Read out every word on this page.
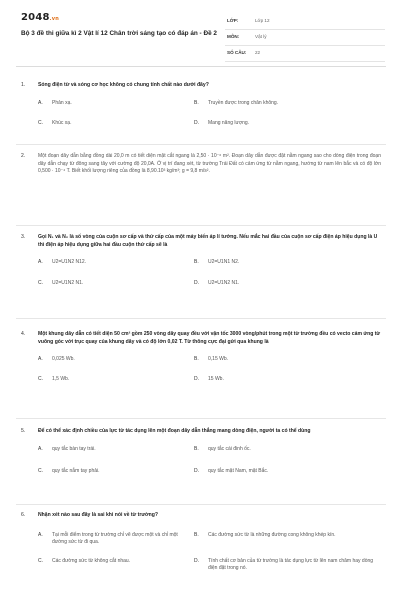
2048.vn
Bộ 3 đề thi giữa kì 2 Vật lí 12 Chân trời sáng tạo có đáp án - Đề 2
LỚP:	Lớp 12
MÔN:	Vật lý
SỐ CÂU: 22
1.	Sóng điện từ và sóng cơ học không có chung tính chất nào dưới đây?
A. Phản xạ.	B. Truyền được trong chân không.
C. Khúc xạ.	D. Mang năng lượng.
2.	Một đoạn dây dẫn bằng đồng dài 20,0 m có tiết diện mặt cắt ngang là 2,50 · 10⁻⁶ m². Đoạn dây dẫn được đặt nằm ngang sao cho dòng điện trong đoạn dây dẫn chạy từ đông sang tây với cường độ 20,0A. Ở vị trí đang xét, từ trường Trái Đất có cảm ứng từ nằm ngang, hướng từ nam lên bắc và có độ lớn 0,500 · 10⁻⁴ T. Biết khối lượng riêng của đồng là 8,90.10³ kg/m³; g = 9,8 m/s².
3.	Gọi N₁ và N₂ là số vòng của cuộn sơ cấp và thứ cấp của một máy biến áp lí tưởng. Nếu mắc hai đầu của cuộn sơ cấp điện áp hiệu dụng là U thì điện áp hiệu dụng giữa hai đầu cuộn thứ cấp sẽ là
A. U2=U1N2 N12.	B. U2=U1N1 N2.
C. U2=U1N2 N1.	D. U2=U1N2 N1.
4.	Một khung dây dẫn có tiết diện 50 cm² gồm 250 vòng dây quay đều với vận tốc 3000 vòng/phút trong một từ trường đều có vecto cảm ứng từ vuông góc với trục quay của khung dây và có độ lớn 0,02 T. Từ thông cực đại gửi qua khung là
A. 0,025 Wb.	B. 0,15 Wb.
C. 1,5 Wb.	D. 15 Wb.
5.	Để có thể xác định chiều của lực từ tác dụng lên một đoạn dây dẫn thẳng mang dòng điện, người ta có thể dùng
A. quy tắc bàn tay trái.	B. quy tắc cái đinh ốc.
C. quy tắc nắm tay phải.	D. quy tắc mặt Nam, mặt Bắc.
6.	Nhận xét nào sau đây là sai khi nói về từ trường?
A.	Tại mỗi điểm trong từ trường chỉ vẽ được một và chỉ một đường sức từ đi qua.
B.	Các đường sức từ là những đường cong không khép kín.
C.	Các đường sức từ không cắt nhau.	D.	Tính chất cơ bản của từ trường là tác dụng lực từ lên nam châm hay dòng điện đặt trong nó.
